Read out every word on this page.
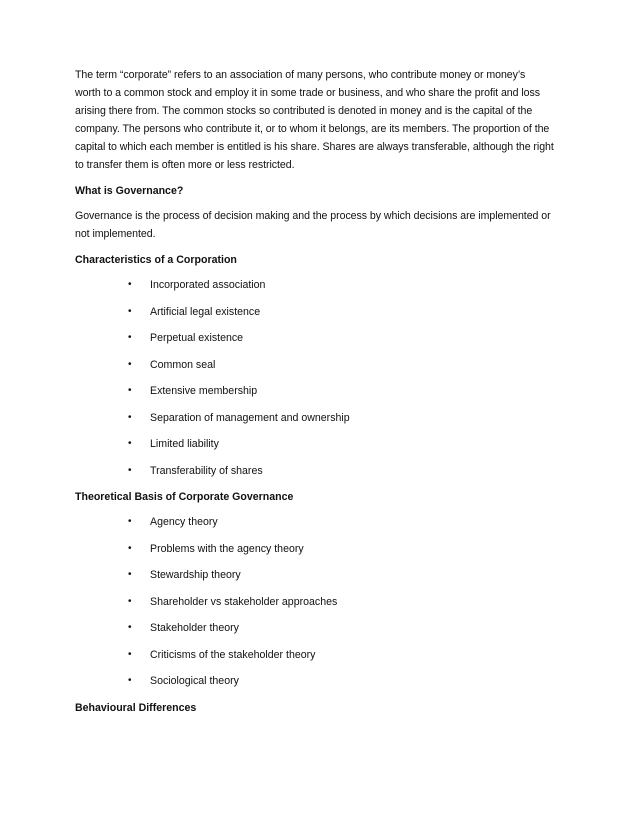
The term “corporate” refers to an association of many persons, who contribute money or money’s
worth to a common stock and employ it in some trade or business, and who share the profit and loss
arising there from. The common stocks so contributed is denoted in money and is the capital of the
company. The persons who contribute it, or to whom it belongs, are its members. The proportion of the
capital to which each member is entitled is his share. Shares are always transferable, although the right
to transfer them is often more or less restricted.
What is Governance?
Governance is the process of decision making and the process by which decisions are implemented or
not implemented.
Characteristics of a Corporation
• Incorporated association
• Artificial legal existence
• Perpetual existence
• Common seal
• Extensive membership
• Separation of management and ownership
• Limited liability
• Transferability of shares
Theoretical Basis of Corporate Governance
• Agency theory
• Problems with the agency theory
• Stewardship theory
• Shareholder vs stakeholder approaches
• Stakeholder theory
• Criticisms of the stakeholder theory
• Sociological theory
Behavioural Differences
